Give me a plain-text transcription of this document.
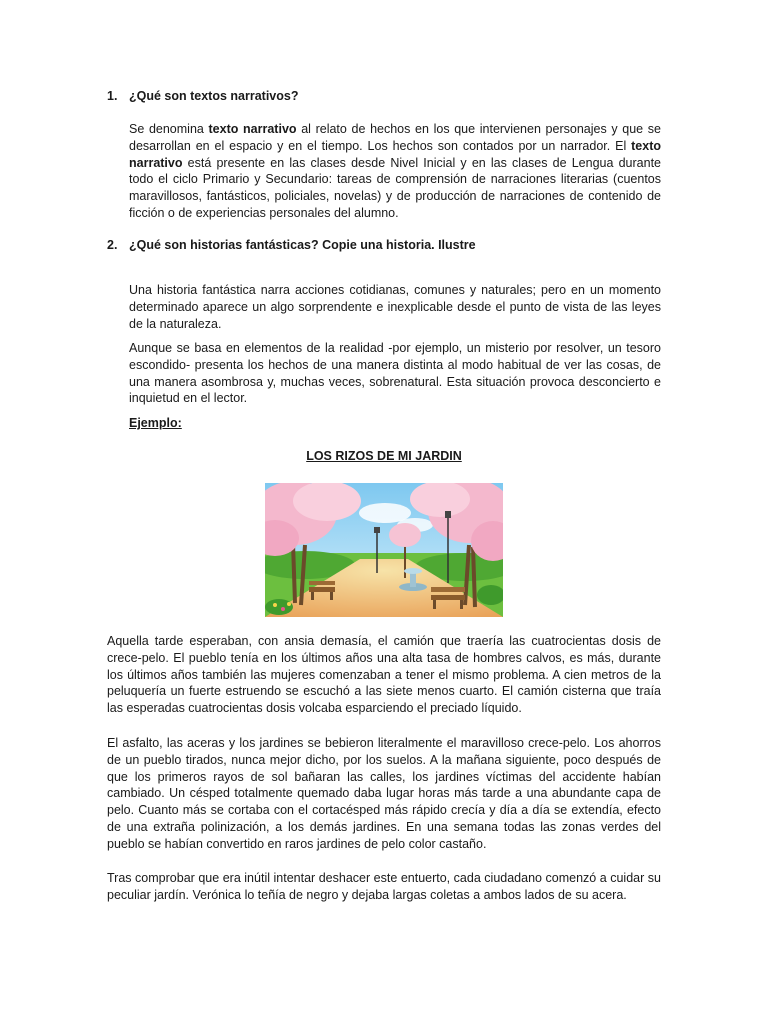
1. ¿Qué son textos narrativos?

Se denomina texto narrativo al relato de hechos en los que intervienen personajes y que se desarrollan en el espacio y en el tiempo. Los hechos son contados por un narrador. El texto narrativo está presente en las clases desde Nivel Inicial y en las clases de Lengua durante todo el ciclo Primario y Secundario: tareas de comprensión de narraciones literarias (cuentos maravillosos, fantásticos, policiales, novelas) y de producción de narraciones de contenido de ficción o de experiencias personales del alumno.

2. ¿Qué son historias fantásticas? Copie una historia. Ilustre

Una historia fantástica narra acciones cotidianas, comunes y naturales; pero en un momento determinado aparece un algo sorprendente e inexplicable desde el punto de vista de las leyes de la naturaleza.

Aunque se basa en elementos de la realidad -por ejemplo, un misterio por resolver, un tesoro escondido- presenta los hechos de una manera distinta al modo habitual de ver las cosas, de una manera asombrosa y, muchas veces, sobrenatural. Esta situación provoca desconcierto e inquietud en el lector.

Ejemplo:
LOS RIZOS DE MI JARDIN

Aquella tarde esperaban, con ansia demasía, el camión que traería las cuatrocientas dosis de crece-pelo. El pueblo tenía en los últimos años una alta tasa de hombres calvos, es más, durante los últimos años también las mujeres comenzaban a tener el mismo problema. A cien metros de la peluquería un fuerte estruendo se escuchó a las siete menos cuarto. El camión cisterna que traía las esperadas cuatrocientas dosis volcaba esparciendo el preciado líquido.

El asfalto, las aceras y los jardines se bebieron literalmente el maravilloso crece-pelo. Los ahorros de un pueblo tirados, nunca mejor dicho, por los suelos. A la mañana siguiente, poco después de que los primeros rayos de sol bañaran las calles, los jardines víctimas del accidente habían cambiado. Un césped totalmente quemado daba lugar horas más tarde a una abundante capa de pelo. Cuanto más se cortaba con el cortacésped más rápido crecía y día a día se extendía, efecto de una extraña polinización, a los demás jardines. En una semana todas las zonas verdes del pueblo se habían convertido en raros jardines de pelo color castaño.

Tras comprobar que era inútil intentar deshacer este entuerto, cada ciudadano comenzó a cuidar su peculiar jardín. Verónica lo teñía de negro y dejaba largas coletas a ambos lados de su acera.
